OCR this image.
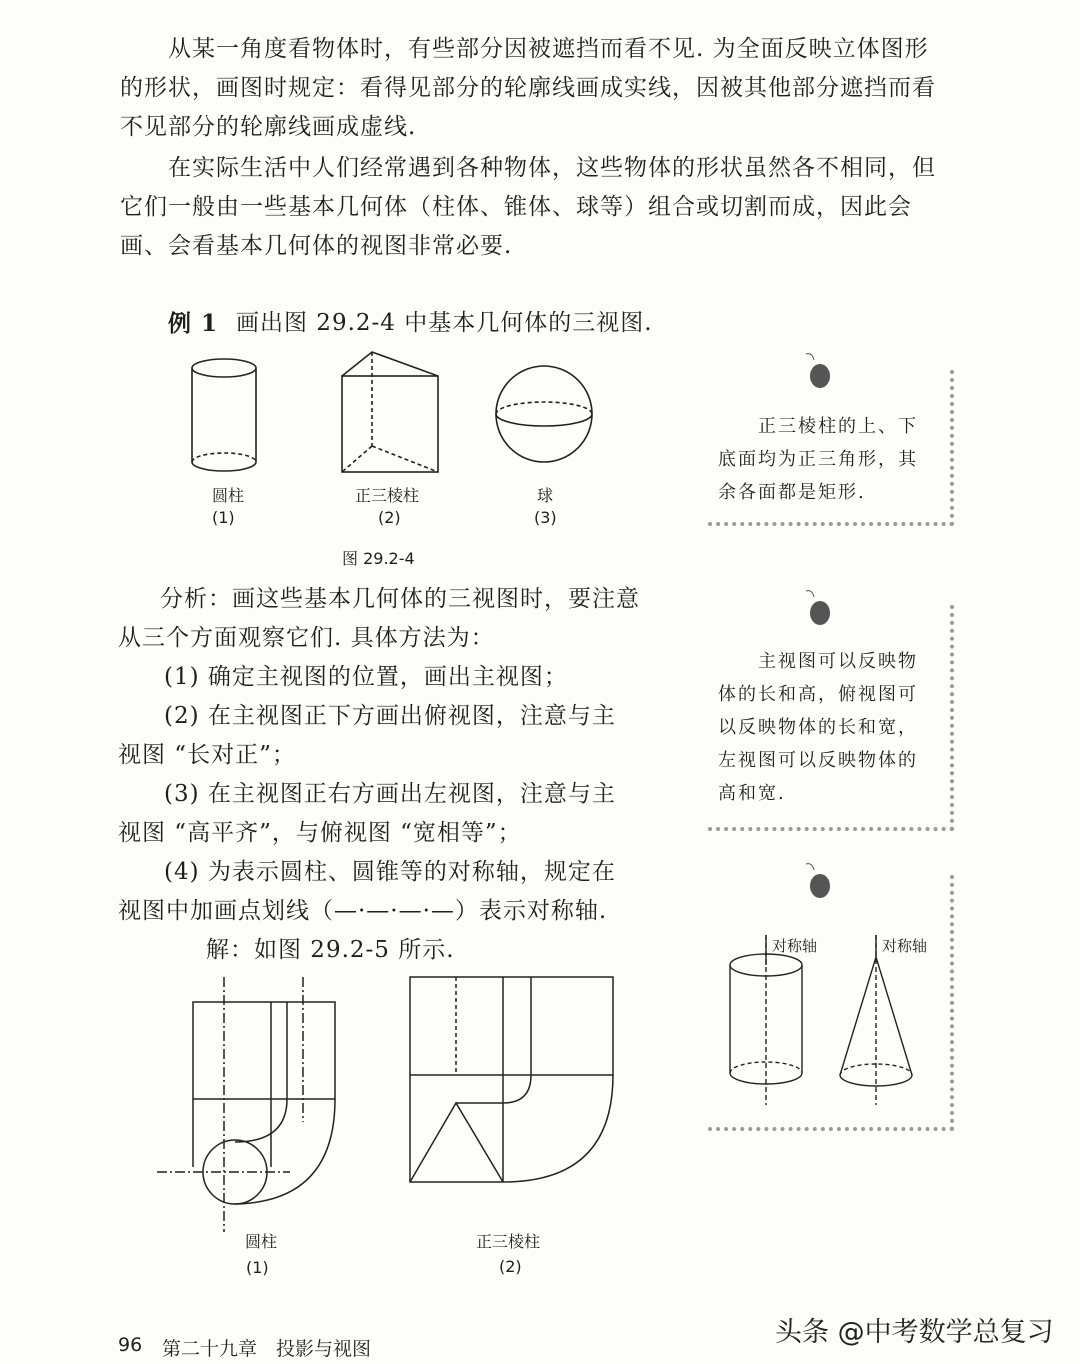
　　从某一角度看物体时，有些部分因被遮挡而看不见. 为全面反映立体图形
的形状，画图时规定：看得见部分的轮廓线画成实线，因被其他部分遮挡而看
不见部分的轮廓线画成虚线.
　　在实际生活中人们经常遇到各种物体，这些物体的形状虽然各不相同，但
它们一般由一些基本几何体（柱体、锥体、球等）组合或切割而成，因此会
画、会看基本几何体的视图非常必要.
例 1 画出图 29.2-4 中基本几何体的三视图.
圆柱
(1)
正三棱柱
(2)
球
(3)
图 29.2-4
分析：画这些基本几何体的三视图时，要注意
从三个方面观察它们. 具体方法为：
　(1) 确定主视图的位置，画出主视图；
　(2) 在主视图正下方画出俯视图，注意与主
视图 “长对正”；
　(3) 在主视图正右方画出左视图，注意与主
视图 “高平齐”，与俯视图 “宽相等”；
　(4) 为表示圆柱、圆锥等的对称轴，规定在
视图中加画点划线（—·—·—·—）表示对称轴.
解：如图 29.2-5 所示.
圆柱
(1)
正三棱柱
(2)
　　正三棱柱的上、下
底面均为正三角形，其
余各面都是矩形.
　　主视图可以反映物
体的长和高，俯视图可
以反映物体的长和宽，
左视图可以反映物体的
高和宽.
对称轴	对称轴
96 第二十九章　投影与视图
头条 @中考数学总复习
